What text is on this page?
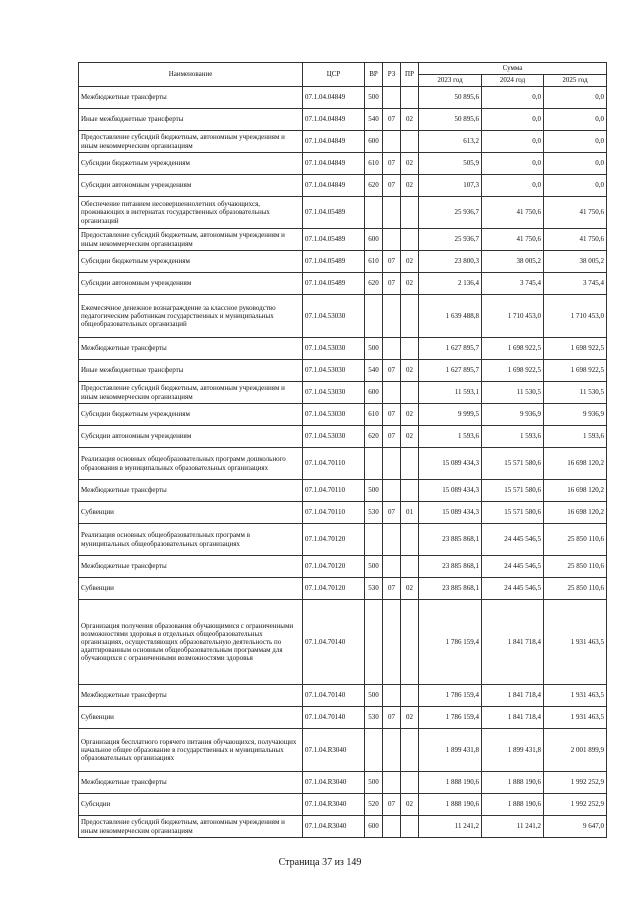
Наименование	ЦСР	ВР	РЗ	ПР	Сумма		
					2023 год	2024 год	2025 год
Межбюджетные трансферты	07.1.04.04849	500			50 895,6	0,0	0,0
Иные межбюджетные трансферты	07.1.04.04849	540	07	02	50 895,6	0,0	0,0
Предоставление субсидий бюджетным, автономным учреждениям и иным некоммерческим организациям	07.1.04.04849	600			613,2	0,0	0,0
Субсидии бюджетным учреждениям	07.1.04.04849	610	07	02	505,9	0,0	0,0
Субсидии автономным учреждениям	07.1.04.04849	620	07	02	107,3	0,0	0,0
Обеспечение питанием несовершеннолетних обучающихся, проживающих в интернатах государственных образовательных организаций	07.1.04.05489				25 936,7	41 750,6	41 750,6
Предоставление субсидий бюджетным, автономным учреждениям и иным некоммерческим организациям	07.1.04.05489	600			25 936,7	41 750,6	41 750,6
Субсидии бюджетным учреждениям	07.1.04.05489	610	07	02	23 800,3	38 005,2	38 005,2
Субсидии автономным учреждениям	07.1.04.05489	620	07	02	2 136,4	3 745,4	3 745,4
Ежемесячное денежное вознаграждение за классное руководство педагогическим работникам государственных и муниципальных общеобразовательных организаций	07.1.04.53030				1 639 488,8	1 710 453,0	1 710 453,0
Межбюджетные трансферты	07.1.04.53030	500			1 627 895,7	1 698 922,5	1 698 922,5
Иные межбюджетные трансферты	07.1.04.53030	540	07	02	1 627 895,7	1 698 922,5	1 698 922,5
Предоставление субсидий бюджетным, автономным учреждениям и иным некоммерческим организациям	07.1.04.53030	600			11 593,1	11 530,5	11 530,5
Субсидии бюджетным учреждениям	07.1.04.53030	610	07	02	9 999,5	9 936,9	9 936,9
Субсидии автономным учреждениям	07.1.04.53030	620	07	02	1 593,6	1 593,6	1 593,6
Реализация основных общеобразовательных программ дошкольного образования в муниципальных образовательных организациях	07.1.04.70110				15 089 434,3	15 571 580,6	16 698 120,2
Межбюджетные трансферты	07.1.04.70110	500			15 089 434,3	15 571 580,6	16 698 120,2
Субвенции	07.1.04.70110	530	07	01	15 089 434,3	15 571 580,6	16 698 120,2
Реализация основных общеобразовательных программ в муниципальных общеобразовательных организациях	07.1.04.70120				23 885 868,1	24 445 546,5	25 850 110,6
Межбюджетные трансферты	07.1.04.70120	500			23 885 868,1	24 445 546,5	25 850 110,6
Субвенции	07.1.04.70120	530	07	02	23 885 868,1	24 445 546,5	25 850 110,6
Организация получения образования обучающимися с ограниченными возможностями здоровья в отдельных общеобразовательных организациях, осуществляющих образовательную деятельность по адаптированным основным общеобразовательным программам для обучающихся с ограниченными возможностями здоровья	07.1.04.70140				1 786 159,4	1 841 718,4	1 931 463,5
Межбюджетные трансферты	07.1.04.70140	500			1 786 159,4	1 841 718,4	1 931 463,5
Субвенции	07.1.04.70140	530	07	02	1 786 159,4	1 841 718,4	1 931 463,5
Организация бесплатного горячего питания обучающихся, получающих начальное общее образование в государственных и муниципальных образовательных организациях	07.1.04.R3040				1 899 431,8	1 899 431,8	2 001 899,9
Межбюджетные трансферты	07.1.04.R3040	500			1 888 190,6	1 888 190,6	1 992 252,9
Субсидии	07.1.04.R3040	520	07	02	1 888 190,6	1 888 190,6	1 992 252,9
Предоставление субсидий бюджетным, автономным учреждениям и иным некоммерческим организациям	07.1.04.R3040	600			11 241,2	11 241,2	9 647,0
Страница 37 из 149
